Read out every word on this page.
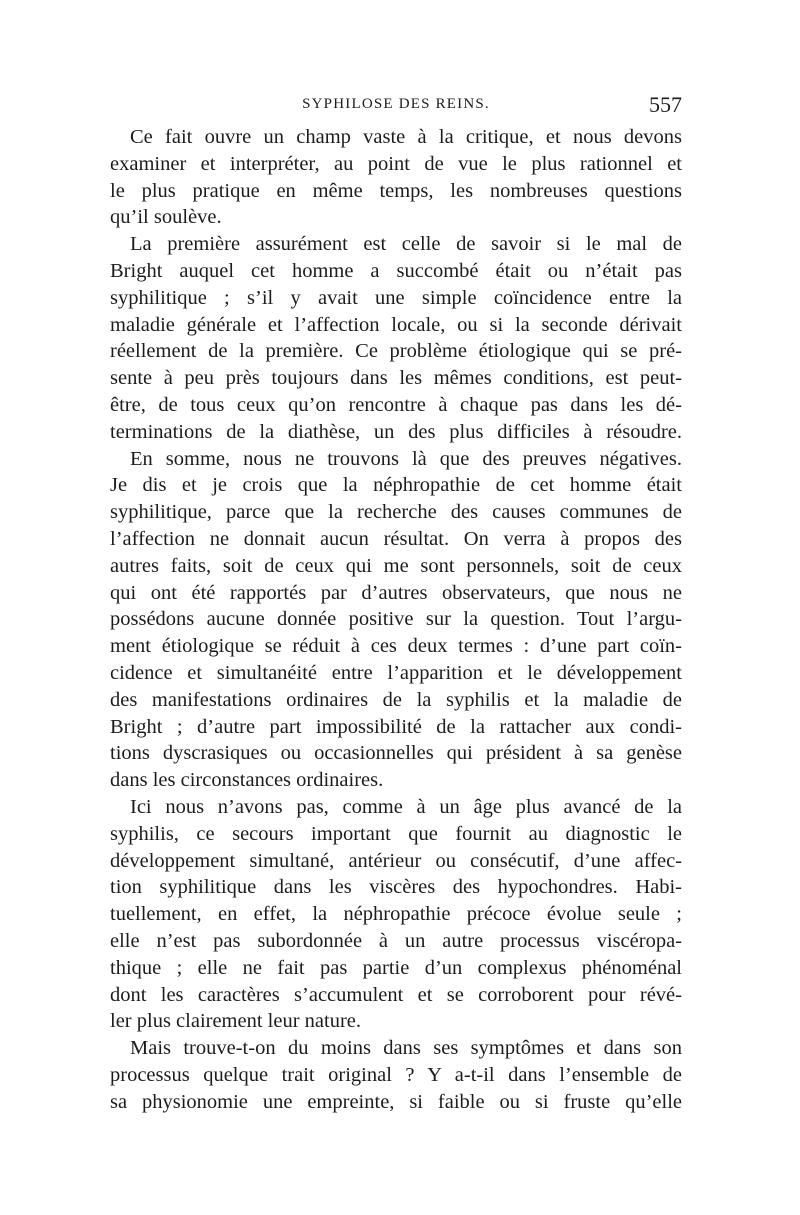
SYPHILOSE DES REINS.	557
Ce fait ouvre un champ vaste à la critique, et nous devons
examiner et interpréter, au point de vue le plus rationnel et
le plus pratique en même temps, les nombreuses questions
qu’il soulève.
La première assurément est celle de savoir si le mal de
Bright auquel cet homme a succombé était ou n’était pas
syphilitique ; s’il y avait une simple coïncidence entre la
maladie générale et l’affection locale, ou si la seconde dérivait
réellement de la première. Ce problème étiologique qui se pré-
sente à peu près toujours dans les mêmes conditions, est peut-
être, de tous ceux qu’on rencontre à chaque pas dans les dé-
terminations de la diathèse, un des plus difficiles à résoudre.
En somme, nous ne trouvons là que des preuves négatives.
Je dis et je crois que la néphropathie de cet homme était
syphilitique, parce que la recherche des causes communes de
l’affection ne donnait aucun résultat. On verra à propos des
autres faits, soit de ceux qui me sont personnels, soit de ceux
qui ont été rapportés par d’autres observateurs, que nous ne
possédons aucune donnée positive sur la question. Tout l’argu-
ment étiologique se réduit à ces deux termes : d’une part coïn-
cidence et simultanéité entre l’apparition et le développement
des manifestations ordinaires de la syphilis et la maladie de
Bright ; d’autre part impossibilité de la rattacher aux condi-
tions dyscrasiques ou occasionnelles qui président à sa genèse
dans les circonstances ordinaires.
Ici nous n’avons pas, comme à un âge plus avancé de la
syphilis, ce secours important que fournit au diagnostic le
développement simultané, antérieur ou consécutif, d’une affec-
tion syphilitique dans les viscères des hypochondres. Habi-
tuellement, en effet, la néphropathie précoce évolue seule ;
elle n’est pas subordonnée à un autre processus viscéropa-
thique ; elle ne fait pas partie d’un complexus phénoménal
dont les caractères s’accumulent et se corroborent pour révé-
ler plus clairement leur nature.
Mais trouve-t-on du moins dans ses symptômes et dans son
processus quelque trait original ? Y a-t-il dans l’ensemble de
sa physionomie une empreinte, si faible ou si fruste qu’elle
